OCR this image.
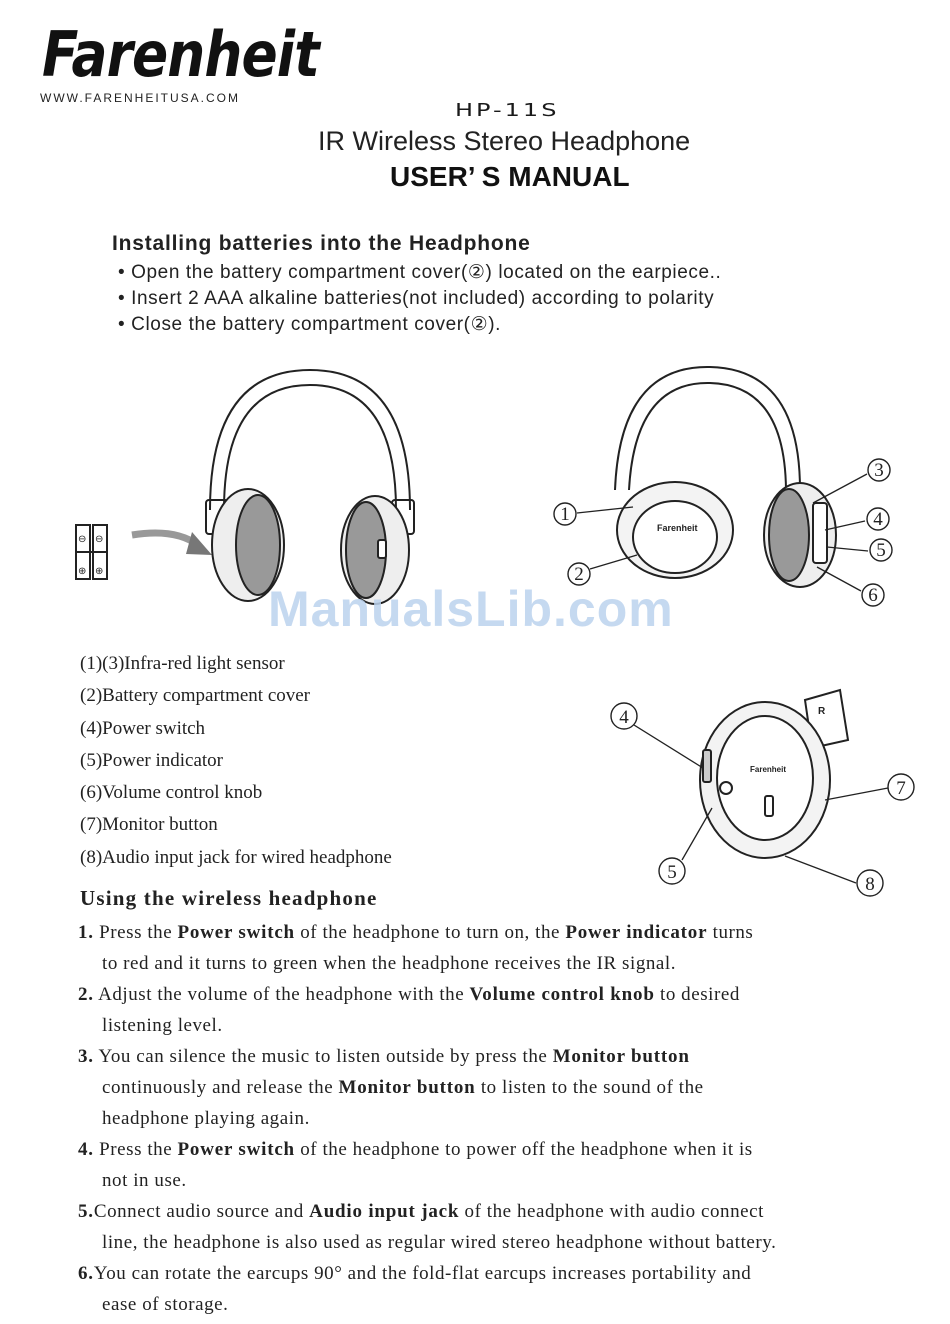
Farenheit
WWW.FARENHEITUSA.COM
HP-11S
IR Wireless Stereo Headphone
USER’ S MANUAL
Installing batteries into the Headphone
• Open the battery compartment cover(②) located on the earpiece..
• Insert 2 AAA alkaline batteries(not included) according to polarity
• Close the battery compartment cover(②).
⊖ ⊖
⊕ ⊕
Farenheit
1
2
3
4
5
6
ManualsLib.com
(1)(3)Infra-red light sensor
(2)Battery compartment cover
(4)Power switch
(5)Power indicator
(6)Volume control knob
(7)Monitor button
(8)Audio input jack for wired headphone
R
Farenheit
4
5
7
8
Using the wireless headphone
1. Press the Power switch of the headphone to turn on, the Power indicator turns
to red and it turns to green when the headphone receives the IR signal.
2. Adjust the volume of the headphone with the Volume control knob to desired
listening level.
3. You can silence the music to listen outside by press the Monitor button
continuously and release the Monitor button to listen to the sound of the
headphone playing again.
4. Press the Power switch of the headphone to power off the headphone when it is
not in use.
5.Connect audio source and Audio input jack of the headphone with audio connect
line, the headphone is also used as regular wired stereo headphone without battery.
6.You can rotate the earcups 90° and the fold-flat earcups increases portability and
ease of storage.
